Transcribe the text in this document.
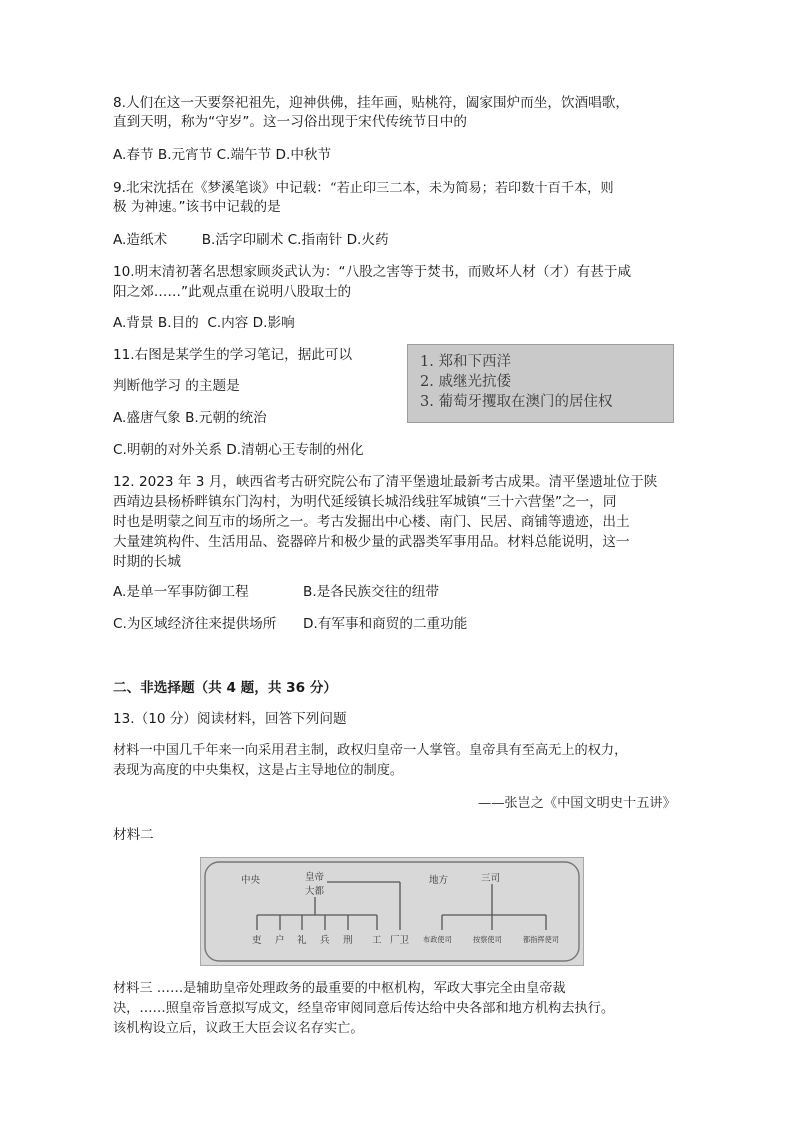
8.人们在这一天要祭祀祖先，迎神供佛，挂年画，贴桃符，阖家围炉而坐，饮酒唱歌，
直到天明，称为“守岁”。这一习俗出现于宋代传统节日中的
A.春节 B.元宵节 C.端午节 D.中秋节
9.北宋沈括在《梦溪笔谈》中记载：“若止印三二本，未为简易；若印数十百千本，则
极 为神速。”该书中记载的是
A.造纸术        B.活字印刷术 C.指南针 D.火药
10.明末清初著名思想家顾炎武认为：“八股之害等于焚书，而败坏人材（才）有甚于咸
阳之郊……”此观点重在说明八股取士的
A.背景 B.目的  C.内容 D.影响
11.右图是某学生的学习笔记，据此可以
判断他学习 的主题是
A.盛唐气象 B.元朝的统治
C.明朝的对外关系 D.清朝心王专制的州化
1. 郑和下西洋
2. 戚继光抗倭
3. 葡萄牙攫取在澳门的居住权
12. 2023 年 3 月，峡西省考古研究院公布了清平堡遗址最新考古成果。清平堡遗址位于陕
西靖边县杨桥畔镇东门沟村，为明代延绥镇长城沿线驻军城镇“三十六营堡”之一，同
时也是明蒙之间互市的场所之一。考古发掘出中心楼、南门、民居、商铺等遗迹，出土
大量建筑构件、生活用品、瓷器碎片和极少量的武器类军事用品。材料总能说明，这一
时期的长城
A.是单一军事防御工程	B.是各民族交往的纽带
C.为区域经济往来提供场所 D.有军事和商贸的二重功能
二、非选择题（共 4 题，共 36 分）
13.（10 分）阅读材料，回答下列问题
材料一中国几千年来一向采用君主制，政权归皇帝一人掌管。皇帝具有至高无上的权力，
表现为高度的中央集权，这是占主导地位的制度。
——张岂之《中国文明史十五讲》
材料二
中央	皇帝
大都
地方	三司
吏 户 礼 兵 刑 工 厂卫 布政使司	按察使司	都指挥使司
材料三 ……是辅助皇帝处理政务的最重要的中枢机构，军政大事完全由皇帝裁
决，……照皇帝旨意拟写成文，经皇帝审阅同意后传达给中央各部和地方机构去执行。
该机构设立后，议政王大臣会议名存实亡。
